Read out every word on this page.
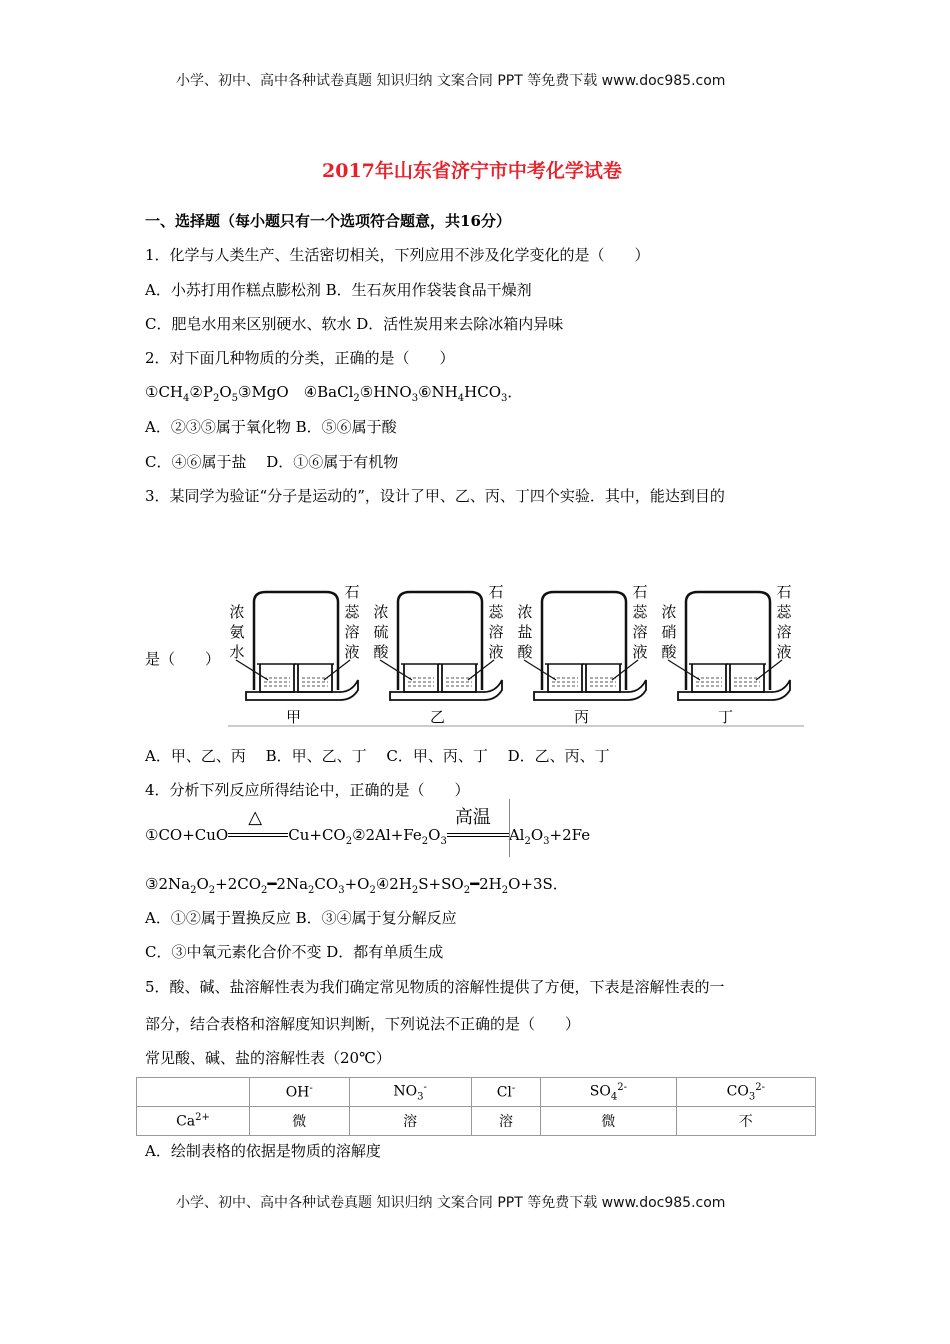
小学、初中、高中各种试卷真题 知识归纳 文案合同 PPT 等免费下载 www.doc985.com
小学、初中、高中各种试卷真题 知识归纳 文案合同 PPT 等免费下载 www.doc985.com
2017年山东省济宁市中考化学试卷
一、选择题（每小题只有一个选项符合题意，共16分）
1．化学与人类生产、生活密切相关，下列应用不涉及化学变化的是（　　）
A．小苏打用作糕点膨松剂 B．生石灰用作袋装食品干燥剂
C．肥皂水用来区别硬水、软水 D．活性炭用来去除冰箱内异味
2．对下面几种物质的分类，正确的是（　　）
$①CH_4②P_2O_5③MgO$　$④BaCl_2⑤HNO_3⑥NH_4HCO_3$．
A．②③⑤属于氧化物 B．⑤⑥属于酸
C．④⑥属于盐　 D．①⑥属于有机物
3．某同学为验证“分子是运动的”，设计了甲、乙、丙、丁四个实验．其中，能达到目的
是（　　）
浓
氨
水
石
蕊
溶
液
甲
浓
硫
酸
石
蕊
溶
液
乙
浓
盐
酸
石
蕊
溶
液
丙
浓
硝
酸
石
蕊
溶
液
丁
A．甲、乙、丙　 B．甲、乙、丁　 C．甲、丙、丁　 D．乙、丙、丁
4．分析下列反应所得结论中，正确的是（　　）
①CO+CuO
△
$Cu+CO_2②2Al+Fe_2O_3$
高温
$Al_2O_3+2Fe$
$③2Na_2O_2+2CO_2━2Na_2CO_3+O_2④2H_2S+SO_2━2H_2O+3S$．
A．①②属于置换反应 B．③④属于复分解反应
C．③中氧元素化合价不变 D．都有单质生成
5．酸、碱、盐溶解性表为我们确定常见物质的溶解性提供了方便，下表是溶解性表的一
部分，结合表格和溶解度知识判断，下列说法不正确的是（　　）
常见酸、碱、盐的溶解性表（20℃）
	OH-	$NO_3^-$	Cl-	$SO_4^{2-}$	$CO_3^{2-}$
$Ca^{2+}$	微	溶	溶	微	不
A．绘制表格的依据是物质的溶解度
